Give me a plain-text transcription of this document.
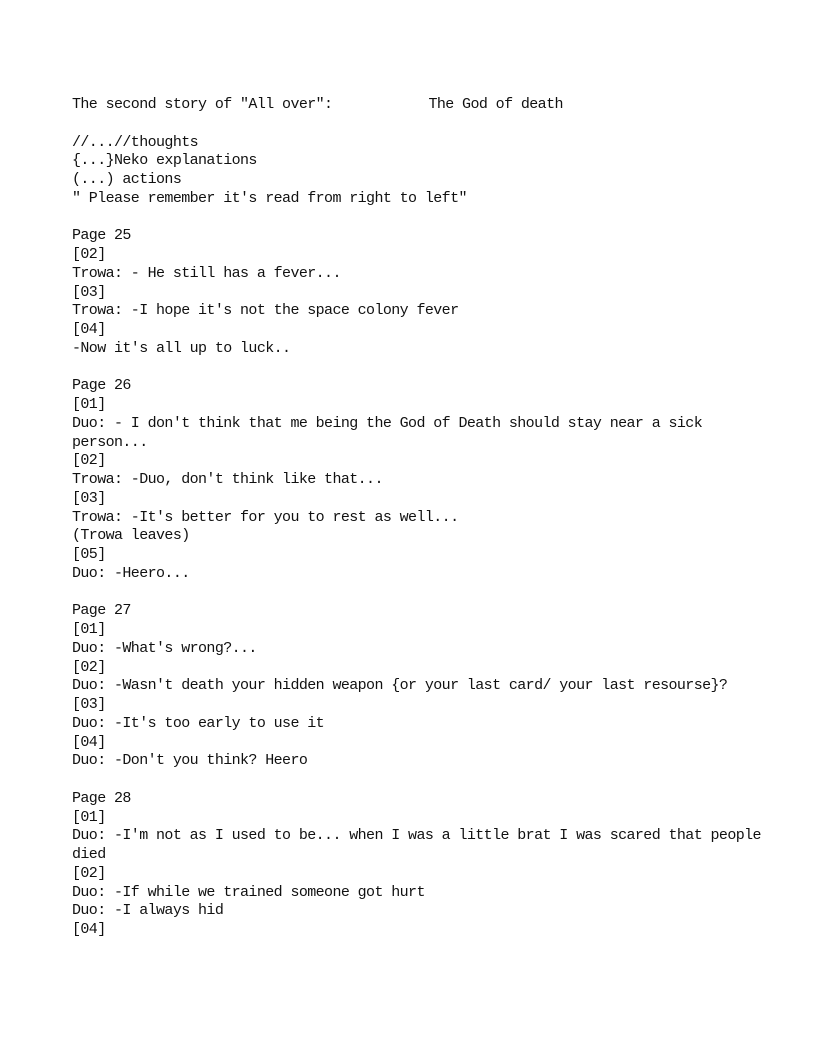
The second story of "All over":	The God of death
//...//thoughts
{...}Neko explanations
(...) actions
" Please remember it's read from right to left"
Page 25
[02]
Trowa: - He still has a fever...
[03]
Trowa: -I hope it's not the space colony fever
[04]
-Now it's all up to luck..
Page 26
[01]
Duo: - I don't think that me being the God of Death should stay near a sick person...
[02]
Trowa: -Duo, don't think like that...
[03]
Trowa: -It's better for you to rest as well...
(Trowa leaves)
[05]
Duo: -Heero...
Page 27
[01]
Duo: -What's wrong?...
[02]
Duo: -Wasn't death your hidden weapon {or your last card/ your last resourse}?
[03]
Duo: -It's too early to use it
[04]
Duo: -Don't you think? Heero
Page 28
[01]
Duo: -I'm not as I used to be... when I was a little brat I was scared that people died
[02]
Duo: -If while we trained someone got hurt
Duo: -I always hid
[04]
